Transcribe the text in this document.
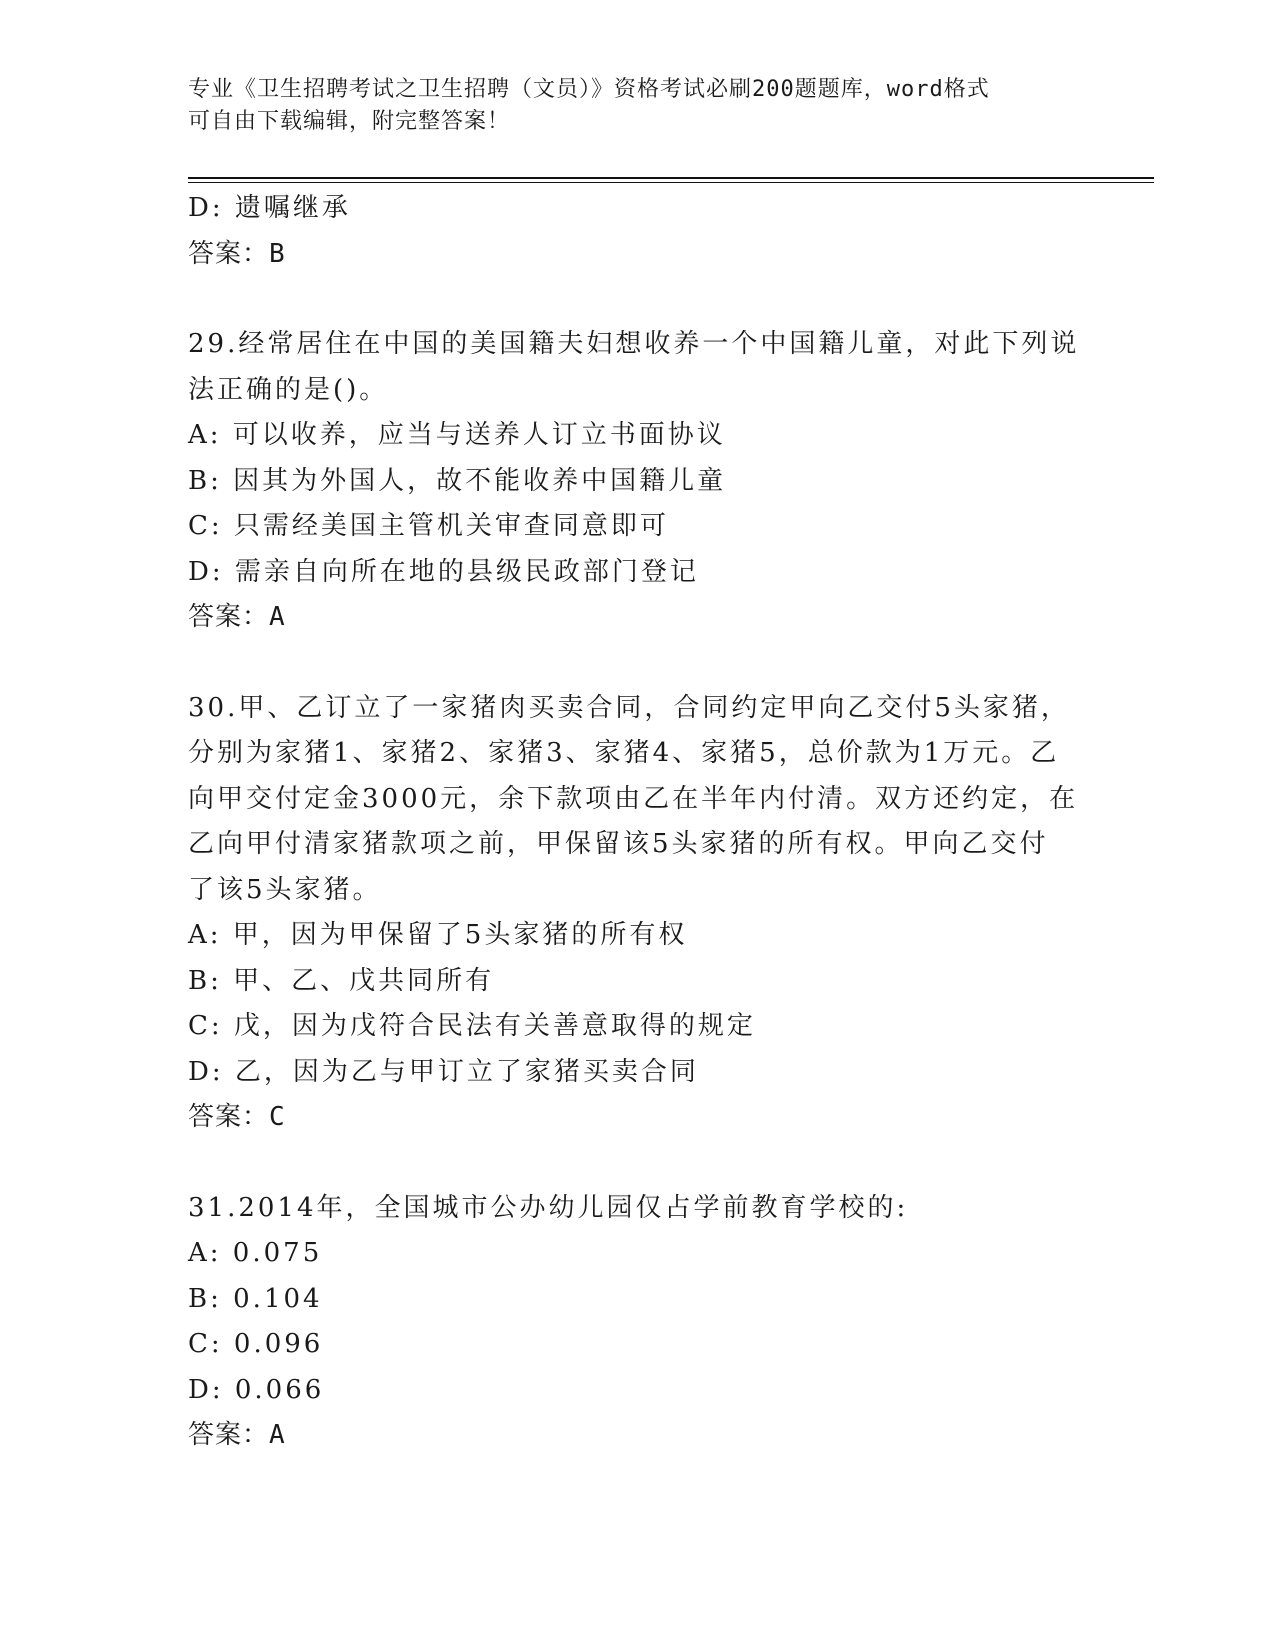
专业《卫生招聘考试之卫生招聘（文员）》资格考试必刷200题题库，word格式
可自由下载编辑，附完整答案！

D: 遗嘱继承

答案：B

29.经常居住在中国的美国籍夫妇想收养一个中国籍儿童，对此下列说

法正确的是()。

A: 可以收养，应当与送养人订立书面协议

B: 因其为外国人，故不能收养中国籍儿童

C: 只需经美国主管机关审查同意即可

D: 需亲自向所在地的县级民政部门登记

答案：A

30.甲、乙订立了一家猪肉买卖合同，合同约定甲向乙交付5头家猪，

分别为家猪1、家猪2、家猪3、家猪4、家猪5，总价款为1万元。乙

向甲交付定金3000元，余下款项由乙在半年内付清。双方还约定，在

乙向甲付清家猪款项之前，甲保留该5头家猪的所有权。甲向乙交付

了该5头家猪。

A: 甲，因为甲保留了5头家猪的所有权

B: 甲、乙、戊共同所有

C: 戊，因为戊符合民法有关善意取得的规定

D: 乙，因为乙与甲订立了家猪买卖合同

答案：C

31.2014年，全国城市公办幼儿园仅占学前教育学校的:

A: 0.075

B: 0.104

C: 0.096

D: 0.066

答案：A
